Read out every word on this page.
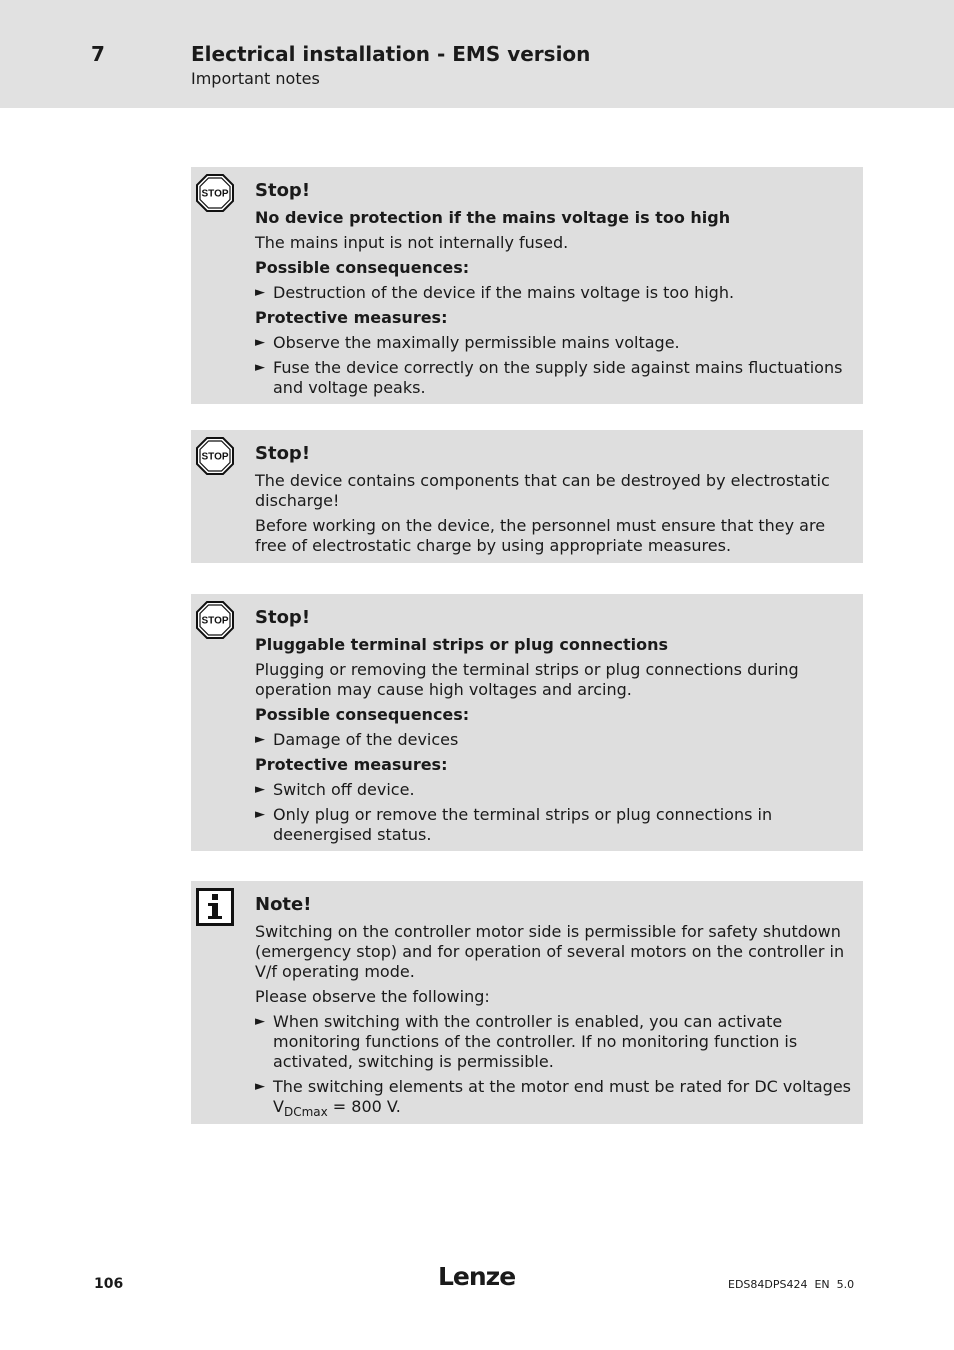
7	Electrical installation - EMS version
Important notes
STOP Stop!

No device protection if the mains voltage is too high

The mains input is not internally fused.

Possible consequences:

► Destruction of the device if the mains voltage is too high.

Protective measures:

► Observe the maximally permissible mains voltage.
► Fuse the device correctly on the supply side against mains fluctuations and voltage peaks.
STOP Stop!

The device contains components that can be destroyed by electrostatic discharge!

Before working on the device, the personnel must ensure that they are free of electrostatic charge by using appropriate measures.

STOP Stop!

Pluggable terminal strips or plug connections

Plugging or removing the terminal strips or plug connections during operation may cause high voltages and arcing.

Possible consequences:

► Damage of the devices

Protective measures:

► Switch off device.
► Only plug or remove the terminal strips or plug connections in deenergised status.

Note!

Switching on the controller motor side is permissible for safety shutdown (emergency stop) and for operation of several motors on the controller in V/f operating mode.

Please observe the following:

► When switching with the controller is enabled, you can activate monitoring functions of the controller. If no monitoring function is activated, switching is permissible.
► The switching elements at the motor end must be rated for DC voltages
$V_{DCmax} = 800$ V.
106	Lenze	EDS84DPS424  EN  5.0
